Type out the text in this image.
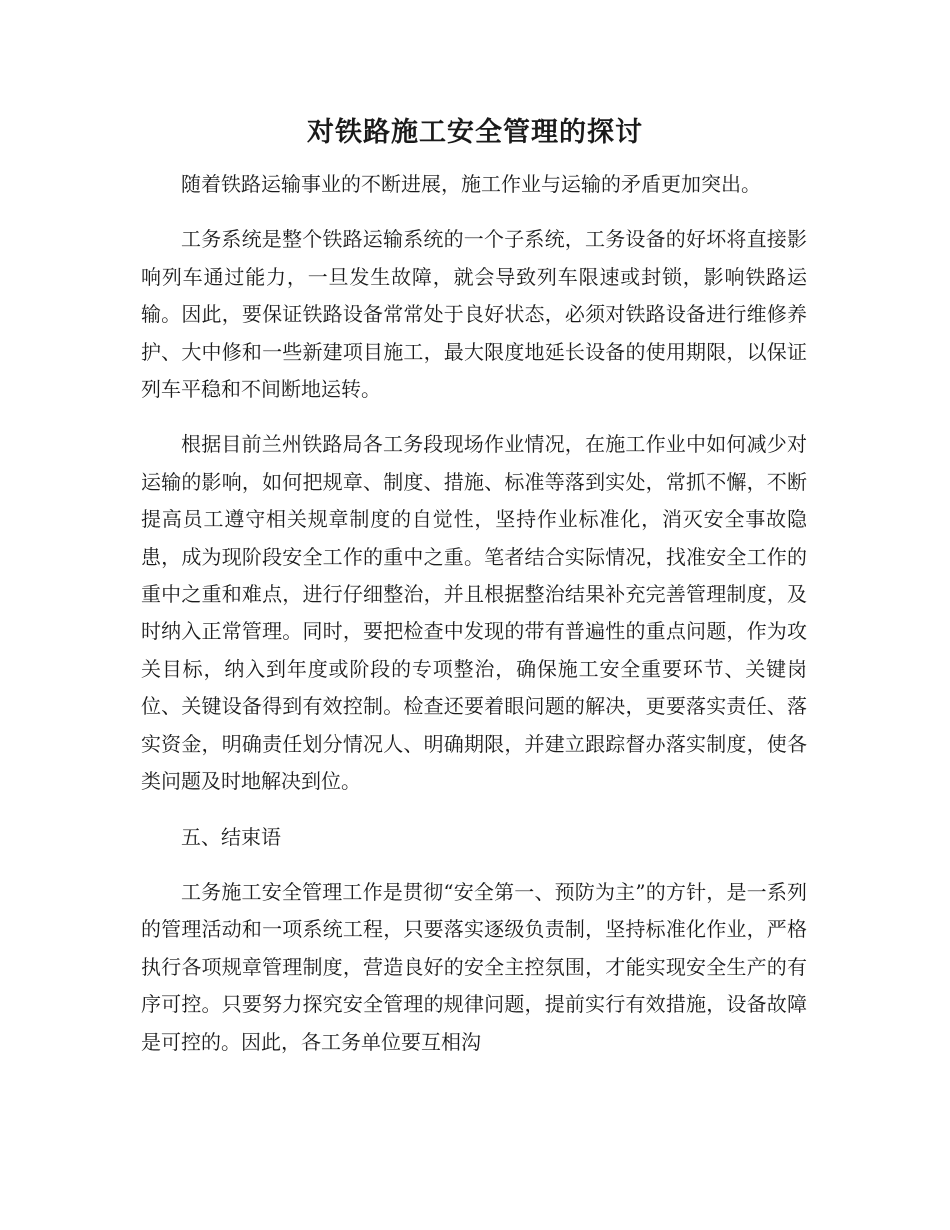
对铁路施工安全管理的探讨

随着铁路运输事业的不断进展，施工作业与运输的矛盾更加突出。

工务系统是整个铁路运输系统的一个子系统，工务设备的好坏将直接影响列车通过能力，一旦发生故障，就会导致列车限速或封锁，影响铁路运输。因此，要保证铁路设备常常处于良好状态，必须对铁路设备进行维修养护、大中修和一些新建项目施工，最大限度地延长设备的使用期限，以保证列车平稳和不间断地运转。

根据目前兰州铁路局各工务段现场作业情况，在施工作业中如何减少对运输的影响，如何把规章、制度、措施、标准等落到实处，常抓不懈，不断提高员工遵守相关规章制度的自觉性，坚持作业标准化，消灭安全事故隐患，成为现阶段安全工作的重中之重。笔者结合实际情况，找准安全工作的重中之重和难点，进行仔细整治，并且根据整治结果补充完善管理制度，及时纳入正常管理。同时，要把检查中发现的带有普遍性的重点问题，作为攻关目标，纳入到年度或阶段的专项整治，确保施工安全重要环节、关键岗位、关键设备得到有效控制。检查还要着眼问题的解决，更要落实责任、落实资金，明确责任划分情况人、明确期限，并建立跟踪督办落实制度，使各类问题及时地解决到位。

五、结束语

工务施工安全管理工作是贯彻“安全第一、预防为主”的方针，是一系列的管理活动和一项系统工程，只要落实逐级负责制，坚持标准化作业，严格执行各项规章管理制度，营造良好的安全主控氛围，才能实现安全生产的有序可控。只要努力探究安全管理的规律问题，提前实行有效措施，设备故障是可控的。因此，各工务单位要互相沟
